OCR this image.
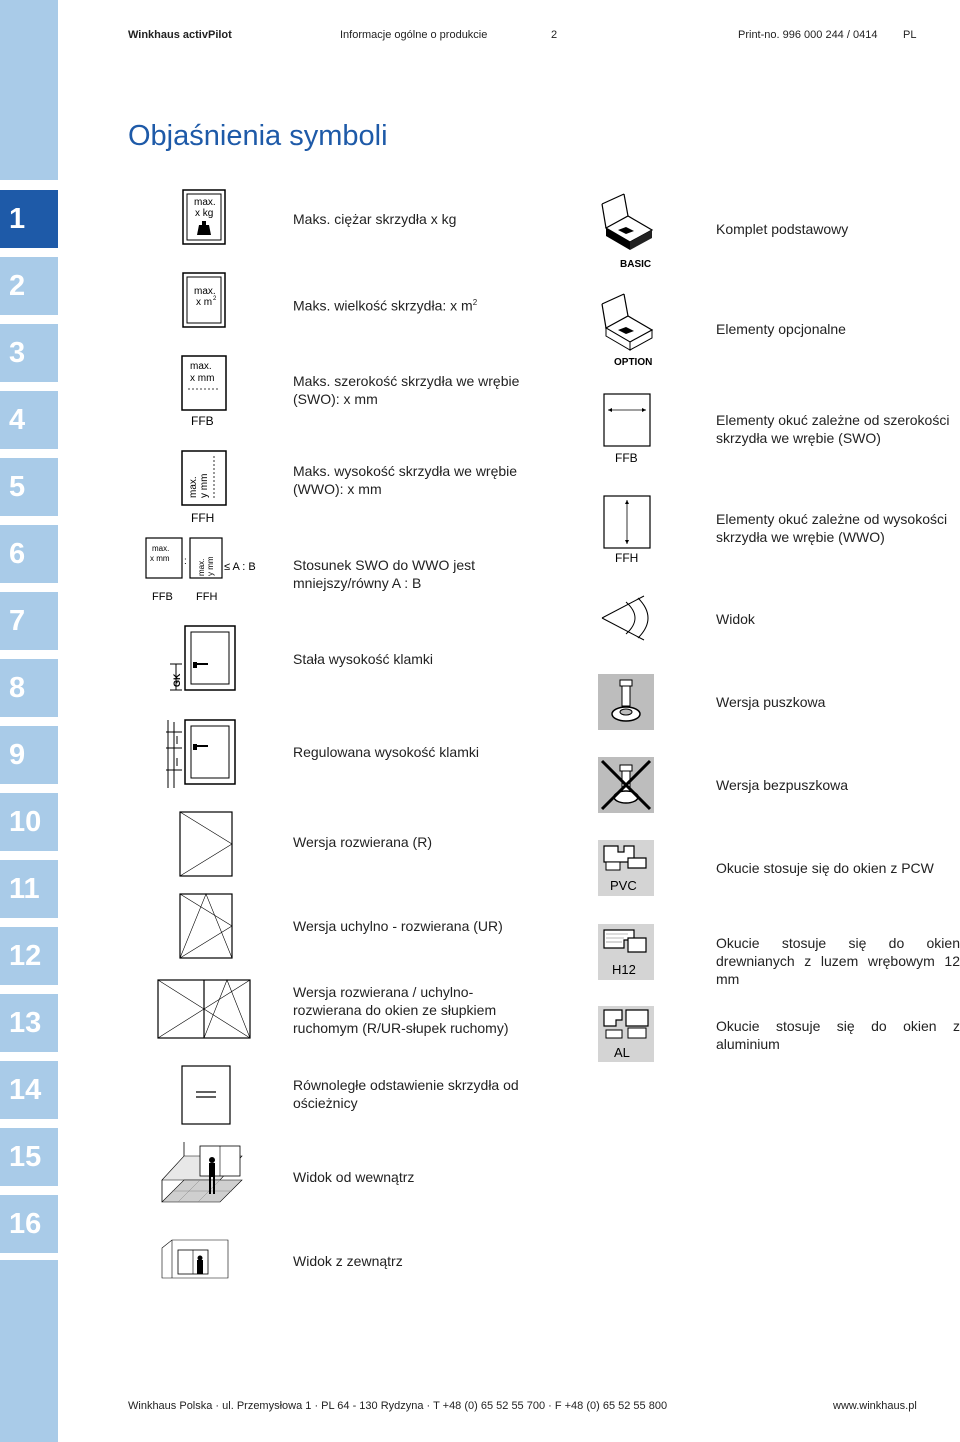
1
2
3
4
5
6
7
8
9
10
11
12
13
14
15
16
Winkhaus activPilot	Informacje ogólne o produkcie	2	Print-no. 996 000 244 / 0414 PL
Objaśnienia symboli
max.
x kg
max.
x m 2
max.
x mm
FFB
max. y mm
FFH
max.
x mm
FFB
: max. y mm
FFH
≤ A : B
GK
Maks. ciężar skrzydła x kg
Maks. wielkość skrzydła: x $m^2$
Maks. szerokość skrzydła we wrębie (SWO): x mm
Maks. wysokość skrzydła we wrębie (WWO): x mm
Stosunek SWO do WWO jest mniejszy/równy A : B
Stała wysokość klamki
Regulowana wysokość klamki
Wersja rozwierana (R)
Wersja uchylno - rozwierana (UR)
Wersja rozwierana / uchylno-rozwierana do okien ze słupkiem ruchomym (R/UR-słupek ruchomy)
Równoległe odstawienie skrzydła od ościeżnicy
Widok od wewnątrz
Widok z zewnątrz
BASIC
OPTION
FFB
FFH
PVC
H12
AL
Komplet podstawowy
Elementy opcjonalne
Elementy okuć zależne od szerokości skrzydła we wrębie (SWO)
Elementy okuć zależne od wysokości skrzydła we wrębie (WWO)
Widok
Wersja puszkowa
Wersja bezpuszkowa
Okucie stosuje się do okien z PCW
Okucie stosuje się do okien drewnianych z luzem wrębowym 12 mm
Okucie stosuje się do okien z aluminium
Winkhaus Polska · ul. Przemysłowa 1 · PL 64 - 130 Rydzyna · T +48 (0) 65 52 55 700 · F +48 (0) 65 52 55 800	www.winkhaus.pl
